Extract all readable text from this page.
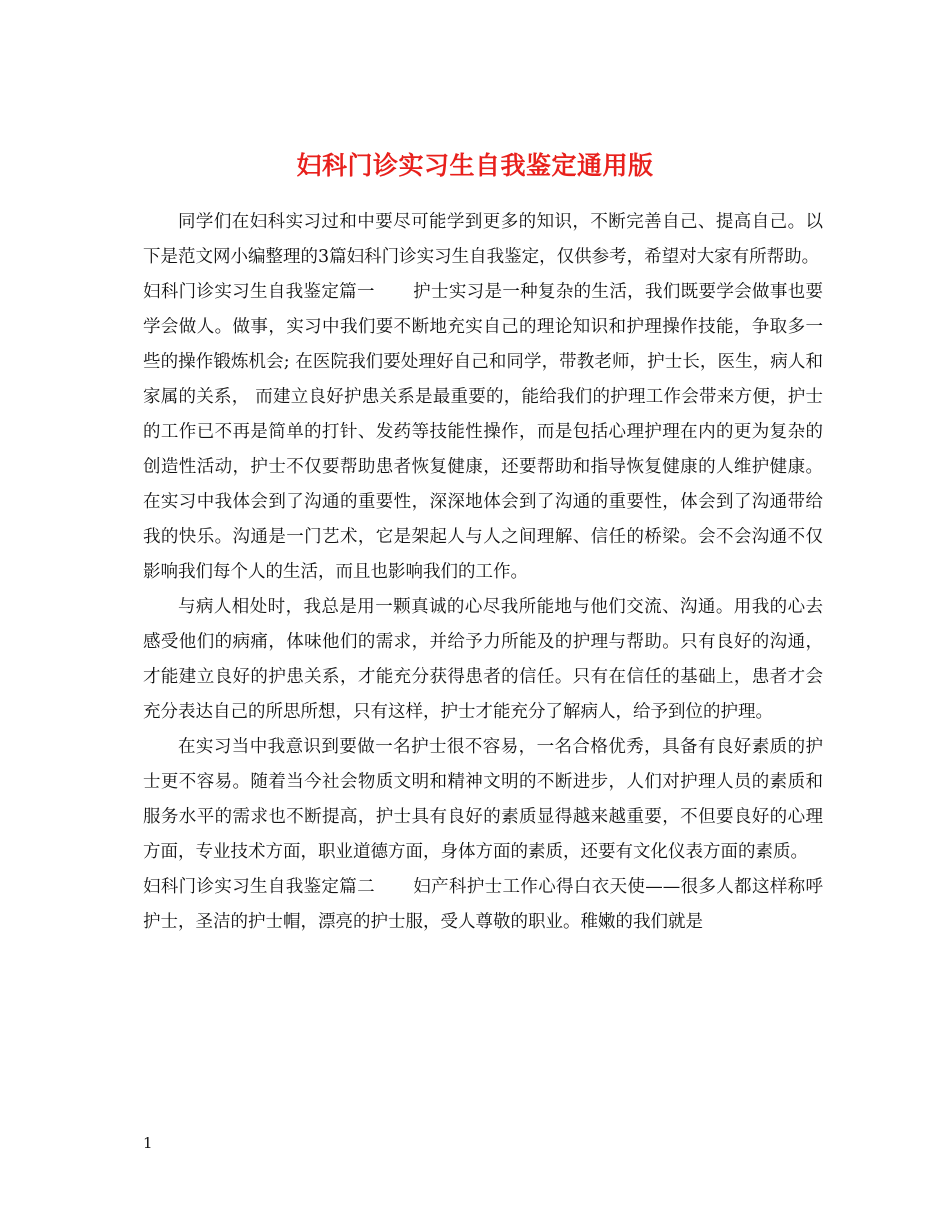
妇科门诊实习生自我鉴定通用版

同学们在妇科实习过和中要尽可能学到更多的知识，不断完善自己、提高自己。以下是范文网小编整理的3篇妇科门诊实习生自我鉴定，仅供参考，希望对大家有所帮助。

妇科门诊实习生自我鉴定篇一 护士实习是一种复杂的生活，我们既要学会做事也要学会做人。做事，实习中我们要不断地充实自己的理论知识和护理操作技能，争取多一些的操作锻炼机会; 在医院我们要处理好自己和同学，带教老师，护士长，医生，病人和家属的关系， 而建立良好护患关系是最重要的，能给我们的护理工作会带来方便，护士的工作已不再是简单的打针、发药等技能性操作，而是包括心理护理在内的更为复杂的创造性活动，护士不仅要帮助患者恢复健康，还要帮助和指导恢复健康的人维护健康。在实习中我体会到了沟通的重要性，深深地体会到了沟通的重要性，体会到了沟通带给我的快乐。沟通是一门艺术，它是架起人与人之间理解、信任的桥梁。会不会沟通不仅影响我们每个人的生活，而且也影响我们的工作。

与病人相处时，我总是用一颗真诚的心尽我所能地与他们交流、沟通。用我的心去感受他们的病痛，体味他们的需求，并给予力所能及的护理与帮助。只有良好的沟通，才能建立良好的护患关系，才能充分获得患者的信任。只有在信任的基础上，患者才会充分表达自己的所思所想，只有这样，护士才能充分了解病人，给予到位的护理。

在实习当中我意识到要做一名护士很不容易，一名合格优秀，具备有良好素质的护士更不容易。随着当今社会物质文明和精神文明的不断进步，人们对护理人员的素质和服务水平的需求也不断提高，护士具有良好的素质显得越来越重要，不但要良好的心理方面，专业技术方面，职业道德方面，身体方面的素质，还要有文化仪表方面的素质。

妇科门诊实习生自我鉴定篇二 妇产科护士工作心得白衣天使——很多人都这样称呼护士，圣洁的护士帽，漂亮的护士服，受人尊敬的职业。稚嫩的我们就是

1
